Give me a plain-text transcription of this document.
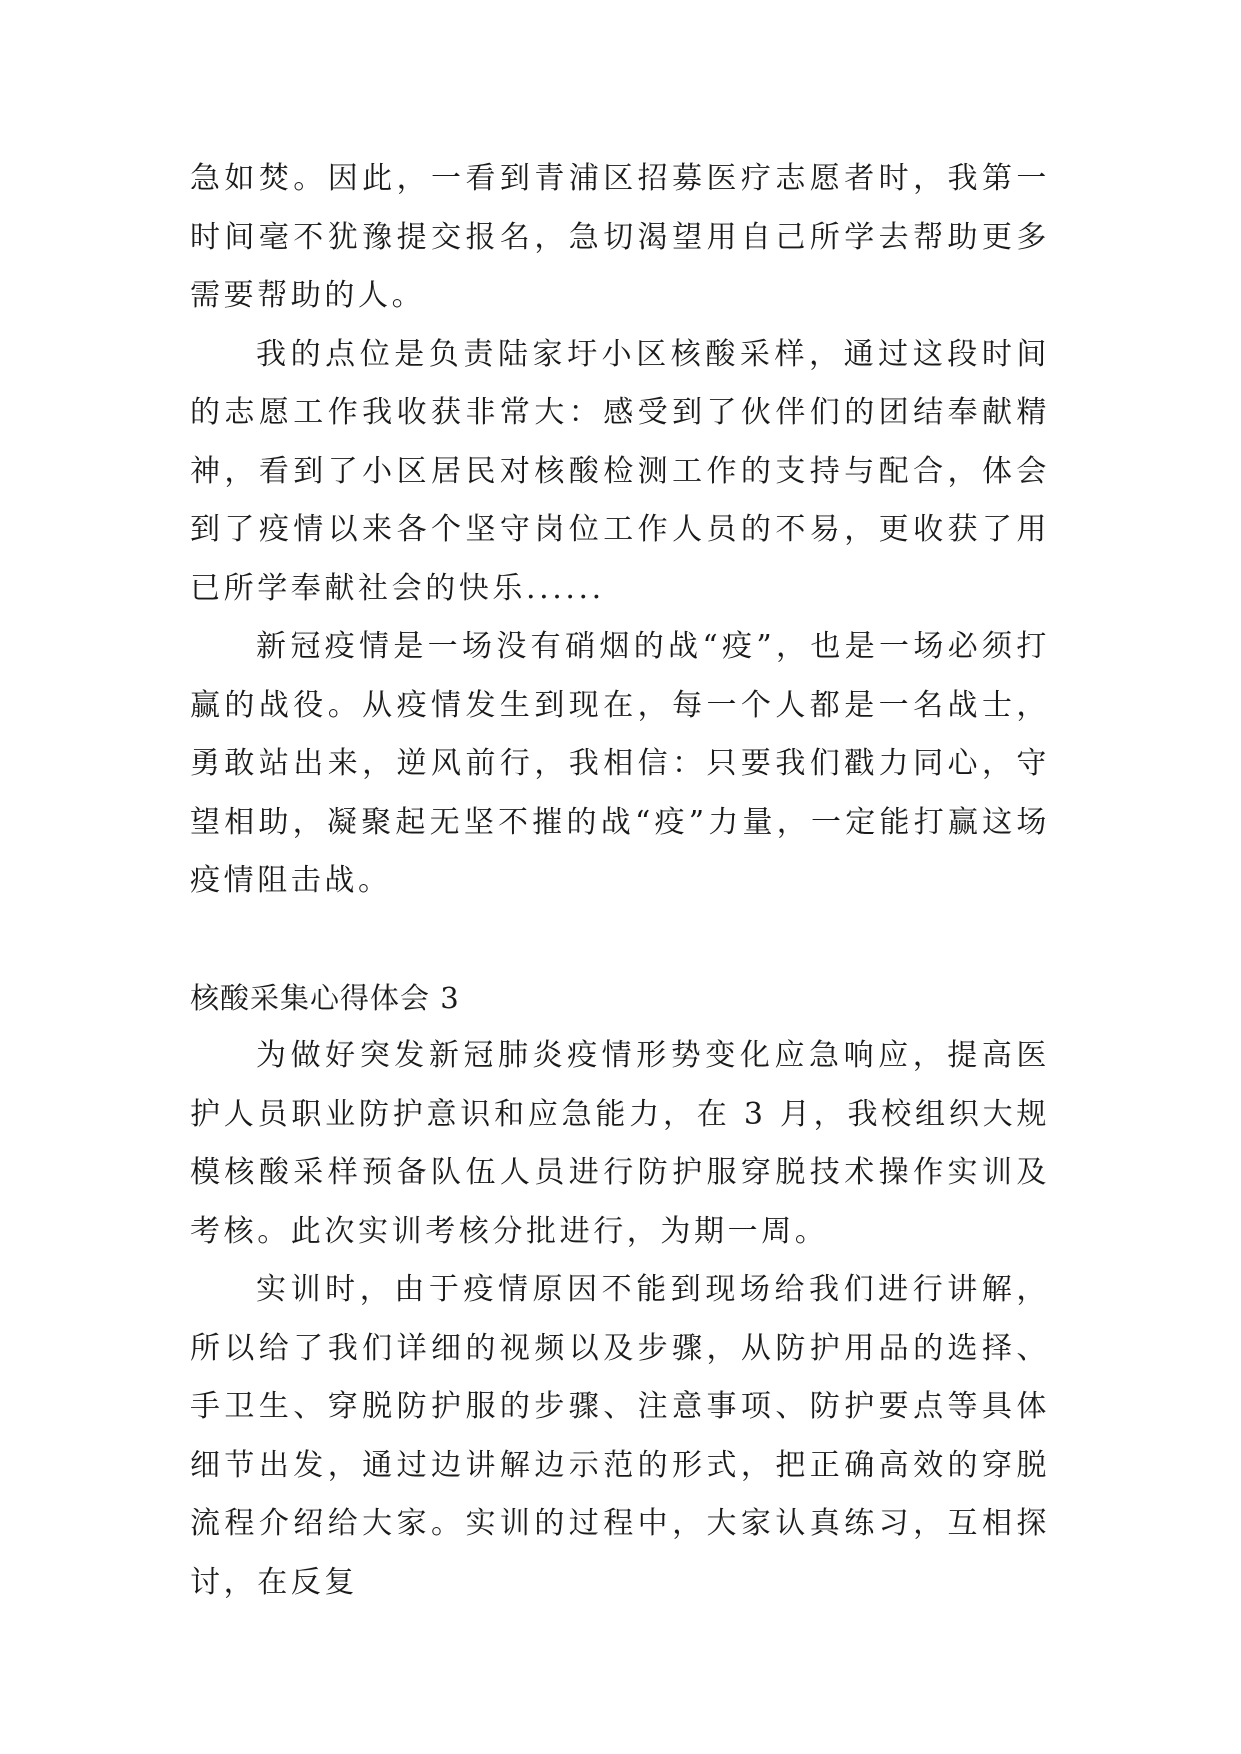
急如焚。因此，一看到青浦区招募医疗志愿者时，我第一时间毫不犹豫提交报名，急切渴望用自己所学去帮助更多需要帮助的人。

我的点位是负责陆家圩小区核酸采样，通过这段时间的志愿工作我收获非常大：感受到了伙伴们的团结奉献精神，看到了小区居民对核酸检测工作的支持与配合，体会到了疫情以来各个坚守岗位工作人员的不易，更收获了用已所学奉献社会的快乐......

新冠疫情是一场没有硝烟的战“疫”，也是一场必须打赢的战役。从疫情发生到现在，每一个人都是一名战士，勇敢站出来，逆风前行，我相信：只要我们戳力同心，守望相助，凝聚起无坚不摧的战“疫”力量，一定能打赢这场疫情阻击战。

核酸采集心得体会 3

为做好突发新冠肺炎疫情形势变化应急响应，提高医护人员职业防护意识和应急能力，在 3 月，我校组织大规模核酸采样预备队伍人员进行防护服穿脱技术操作实训及考核。此次实训考核分批进行，为期一周。

实训时，由于疫情原因不能到现场给我们进行讲解，所以给了我们详细的视频以及步骤，从防护用品的选择、手卫生、穿脱防护服的步骤、注意事项、防护要点等具体细节出发，通过边讲解边示范的形式，把正确高效的穿脱流程介绍给大家。实训的过程中，大家认真练习，互相探讨，在反复
